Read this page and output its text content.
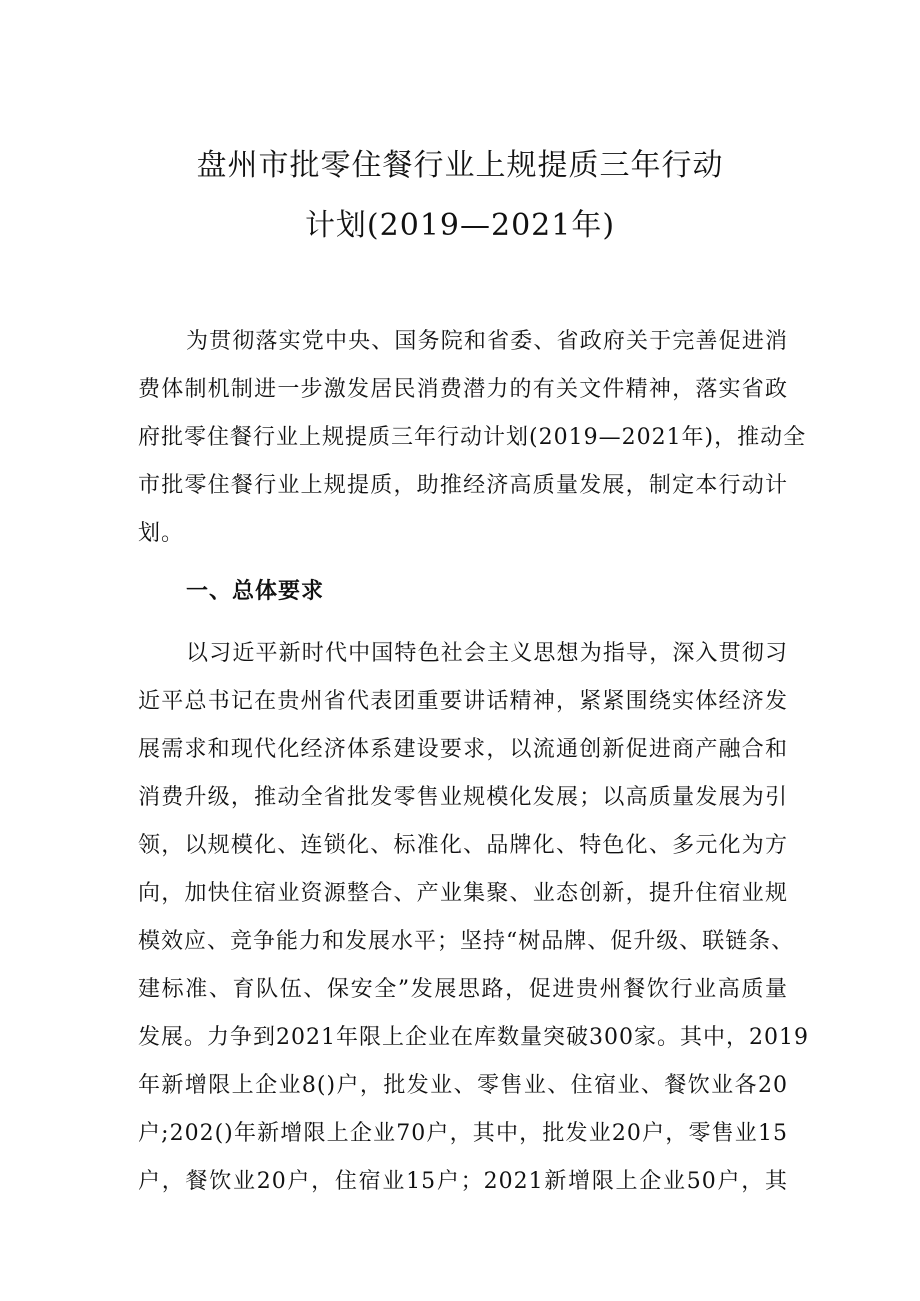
盘州市批零住餐行业上规提质三年行动
计划(2019—2021年)
为贯彻落实党中央、国务院和省委、省政府关于完善促进消
费体制机制进一步激发居民消费潜力的有关文件精神，落实省政
府批零住餐行业上规提质三年行动计划(2019—2021年)，推动全
市批零住餐行业上规提质，助推经济高质量发展，制定本行动计
划。
一、总体要求
以习近平新时代中国特色社会主义思想为指导，深入贯彻习
近平总书记在贵州省代表团重要讲话精神，紧紧围绕实体经济发
展需求和现代化经济体系建设要求，以流通创新促进商产融合和
消费升级，推动全省批发零售业规模化发展；以高质量发展为引
领，以规模化、连锁化、标准化、品牌化、特色化、多元化为方
向，加快住宿业资源整合、产业集聚、业态创新，提升住宿业规
模效应、竞争能力和发展水平；坚持“树品牌、促升级、联链条、
建标准、育队伍、保安全”发展思路，促进贵州餐饮行业高质量
发展。力争到2021年限上企业在库数量突破300家。其中，2019
年新增限上企业8()户，批发业、零售业、住宿业、餐饮业各20
户;202()年新增限上企业70户，其中，批发业20户，零售业15
户，餐饮业20户，住宿业15户；2021新增限上企业50户，其
